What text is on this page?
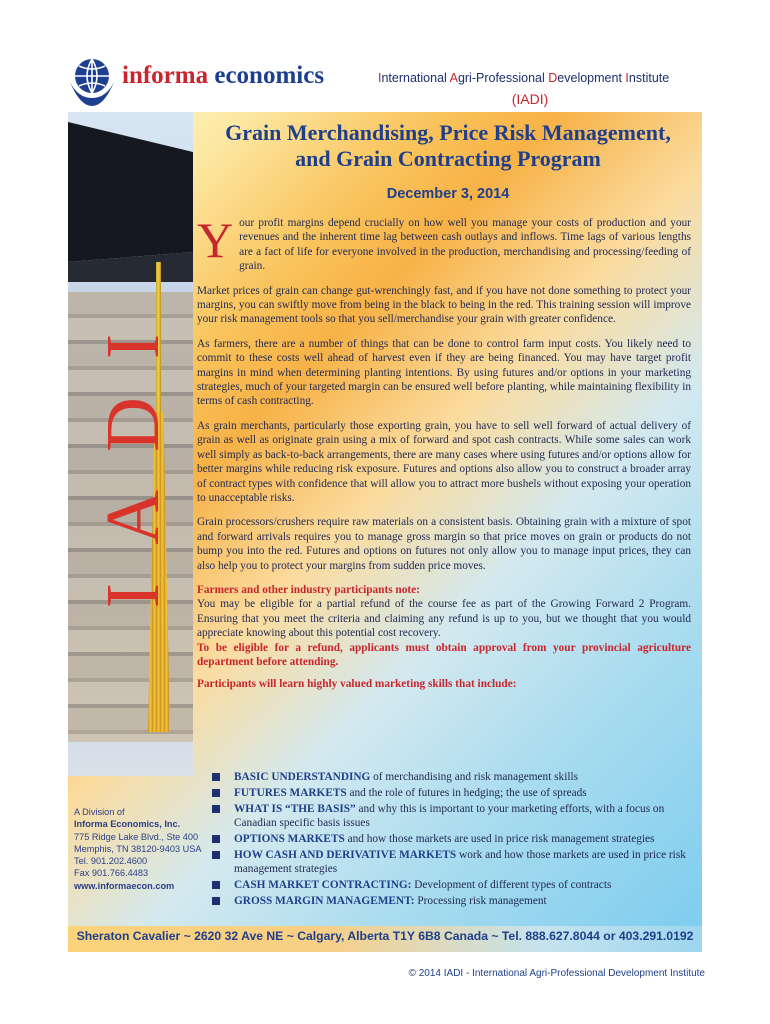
informa economics	International Agri-Professional Development Institute
(IADI)
IADI
A Division of
Informa Economics, Inc.
775 Ridge Lake Blvd., Ste 400
Memphis, TN 38120-9403 USA
Tel. 901.202.4600
Fax 901.766.4483
www.informaecon.com
Grain Merchandising, Price Risk Management,
and Grain Contracting Program
December 3, 2014

Your profit margins depend crucially on how well you manage your costs of production and your revenues and the inherent time lag between cash outlays and inflows. Time lags of various lengths are a fact of life for everyone involved in the production, merchandising and processing/feeding of grain.

Market prices of grain can change gut-wrenchingly fast, and if you have not done something to protect your margins, you can swiftly move from being in the black to being in the red. This training session will improve your risk management tools so that you sell/merchandise your grain with greater confidence.

As farmers, there are a number of things that can be done to control farm input costs. You likely need to commit to these costs well ahead of harvest even if they are being financed. You may have target profit margins in mind when determining planting intentions. By using futures and/or options in your marketing strategies, much of your targeted margin can be ensured well before planting, while maintaining flexibility in terms of cash contracting.

As grain merchants, particularly those exporting grain, you have to sell well forward of actual delivery of grain as well as originate grain using a mix of forward and spot cash contracts. While some sales can work well simply as back-to-back arrangements, there are many cases where using futures and/or options allow for better margins while reducing risk exposure. Futures and options also allow you to construct a broader array of contract types with confidence that will allow you to attract more bushels without exposing your operation to unacceptable risks.

Grain processors/crushers require raw materials on a consistent basis. Obtaining grain with a mixture of spot and forward arrivals requires you to manage gross margin so that price moves on grain or products do not bump you into the red. Futures and options on futures not only allow you to manage input prices, they can also help you to protect your margins from sudden price moves.

Farmers and other industry participants note:
You may be eligible for a partial refund of the course fee as part of the Growing Forward 2 Program. Ensuring that you meet the criteria and claiming any refund is up to you, but we thought that you would appreciate knowing about this potential cost recovery.
To be eligible for a refund, applicants must obtain approval from your provincial agriculture department before attending.

Participants will learn highly valued marketing skills that include:
BASIC UNDERSTANDING of merchandising and risk management skills
FUTURES MARKETS and the role of futures in hedging; the use of spreads
WHAT IS “THE BASIS” and why this is important to your marketing efforts, with a focus on Canadian specific basis issues
OPTIONS MARKETS and how those markets are used in price risk management strategies
HOW CASH AND DERIVATIVE MARKETS work and how those markets are used in price risk management strategies
CASH MARKET CONTRACTING: Development of different types of contracts
GROSS MARGIN MANAGEMENT: Processing risk management
Sheraton Cavalier ~ 2620 32 Ave NE ~ Calgary, Alberta T1Y 6B8 Canada ~ Tel. 888.627.8044 or 403.291.0192
© 2014 IADI - International Agri-Professional Development Institute
